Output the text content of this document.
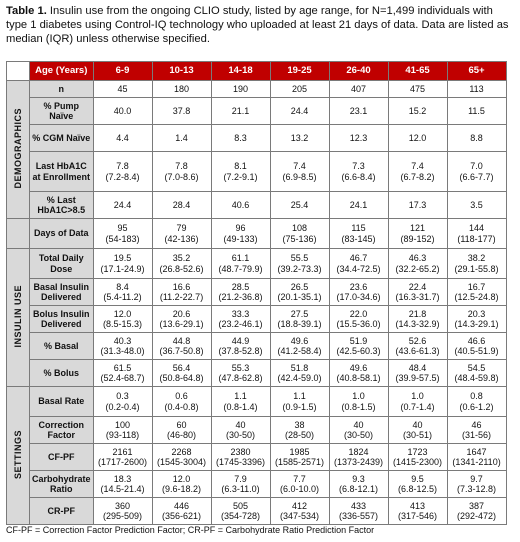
Table 1. Insulin use from the ongoing CLIO study, listed by age range, for N=1,499 individuals with type 1 diabetes using Control-IQ technology who uploaded at least 21 days of data. Data are listed as median (IQR) unless otherwise specified.
	Age (Years)	6-9	10-13	14-18	19-25	26-40	41-65	65+
DEMOGRAPHICS	n	45	180	190	205	407	475	113

	% Pump Naïve	40.0	37.8	21.1	24.4	23.1	15.2	11.5

	% CGM Naïve	4.4	1.4	8.3	13.2	12.3	12.0	8.8

	Last HbA1C at Enrollment	7.8
(7.2-8.4)	7.8
(7.0-8.6)	8.1
(7.2-9.1)	7.4
(6.9-8.5)	7.3
(6.6-8.4)	7.4
(6.7-8.2)	7.0
(6.6-7.7)

	% Last HbA1C>8.5	24.4	28.4	40.6	25.4	24.1	17.3	3.5

	Days of Data	95
(54-183)	79
(42-136)	96
(49-133)	108
(75-136)	115
(83-145)	121
(89-152)	144
(118-177)

INSULIN USE	Total Daily Dose	19.5
(17.1-24.9)	35.2
(26.8-52.6)	61.1
(48.7-79.9)	55.5
(39.2-73.3)	46.7
(34.4-72.5)	46.3
(32.2-65.2)	38.2
(29.1-55.8)

	Basal Insulin Delivered	8.4
(5.4-11.2)	16.6
(11.2-22.7)	28.5
(21.2-36.8)	26.5
(20.1-35.1)	23.6
(17.0-34.6)	22.4
(16.3-31.7)	16.7
(12.5-24.8)

	Bolus Insulin Delivered	12.0
(8.5-15.3)	20.6
(13.6-29.1)	33.3
(23.2-46.1)	27.5
(18.8-39.1)	22.0
(15.5-36.0)	21.8
(14.3-32.9)	20.3
(14.3-29.1)

	% Basal	40.3
(31.3-48.0)	44.8
(36.7-50.8)	44.9
(37.8-52.8)	49.6
(41.2-58.4)	51.9
(42.5-60.3)	52.6
(43.6-61.3)	46.6
(40.5-51.9)

	% Bolus	61.5
(52.4-68.7)	56.4
(50.8-64.8)	55.3
(47.8-62.8)	51.8
(42.4-59.0)	49.6
(40.8-58.1)	48.4
(39.9-57.5)	54.5
(48.4-59.8)

SETTINGS	Basal Rate	0.3
(0.2-0.4)	0.6
(0.4-0.8)	1.1
(0.8-1.4)	1.1
(0.9-1.5)	1.0
(0.8-1.5)	1.0
(0.7-1.4)	0.8
(0.6-1.2)

	Correction Factor	100
(93-118)	60
(46-80)	40
(30-50)	38
(28-50)	40
(30-50)	40
(30-51)	46
(31-56)

	CF-PF	2161
(1717-2600)	2268
(1545-3004)	2380
(1745-3396)	1985
(1585-2571)	1824
(1373-2439)	1723
(1415-2300)	1647
(1341-2110)

	Carbohydrate Ratio	18.3
(14.5-21.4)	12.0
(9.6-18.2)	7.9
(6.3-11.0)	7.7
(6.0-10.0)	9.3
(6.8-12.1)	9.5
(6.8-12.5)	9.7
(7.3-12.8)

	CR-PF	360
(295-509)	446
(356-621)	505
(354-728)	412
(347-534)	433
(336-557)	413
(317-546)	387
(292-472)
CF-PF = Correction Factor Prediction Factor; CR-PF = Carbohydrate Ratio Prediction Factor
